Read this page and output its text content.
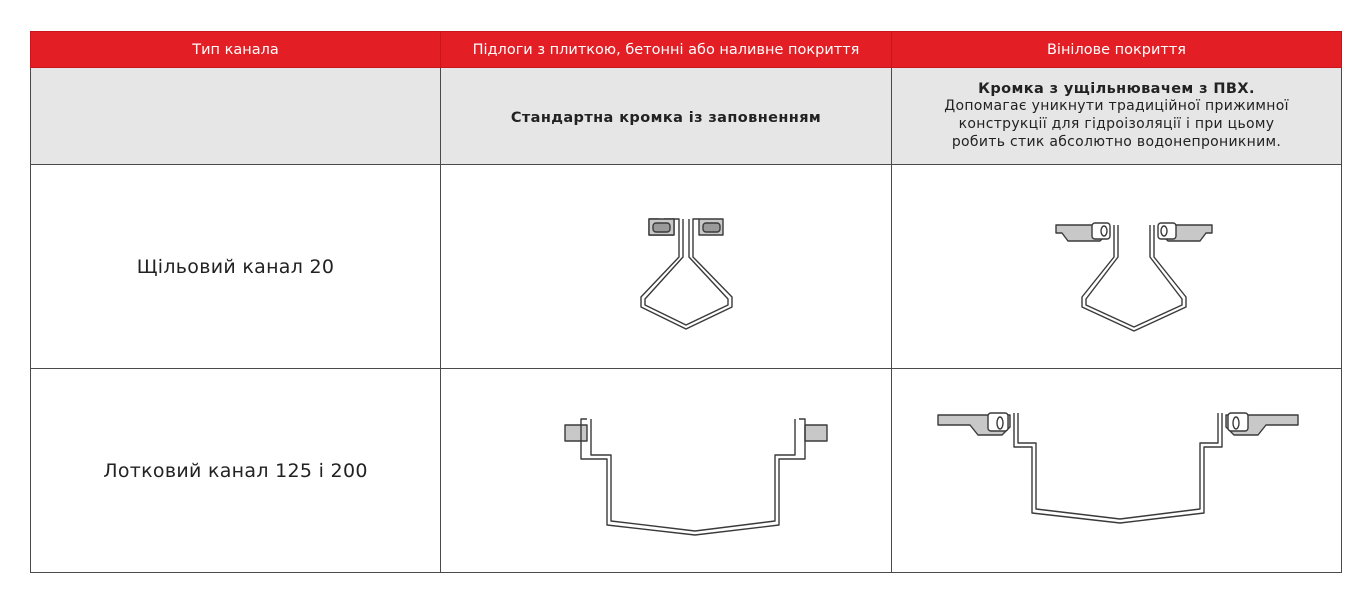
Тип канала	Підлоги з плиткою, бетонні або наливне покриття	Вінілове покриття
	Стандартна кромка із заповненням	Кромка з ущільнювачем з ПВХ.
Допомагає уникнути традиційної прижимної
конструкції для гідроізоляції і при цьому
робить стик абсолютно водонепроникним.

Щільовий канал 20	

Лотковий канал 125 і 200	
